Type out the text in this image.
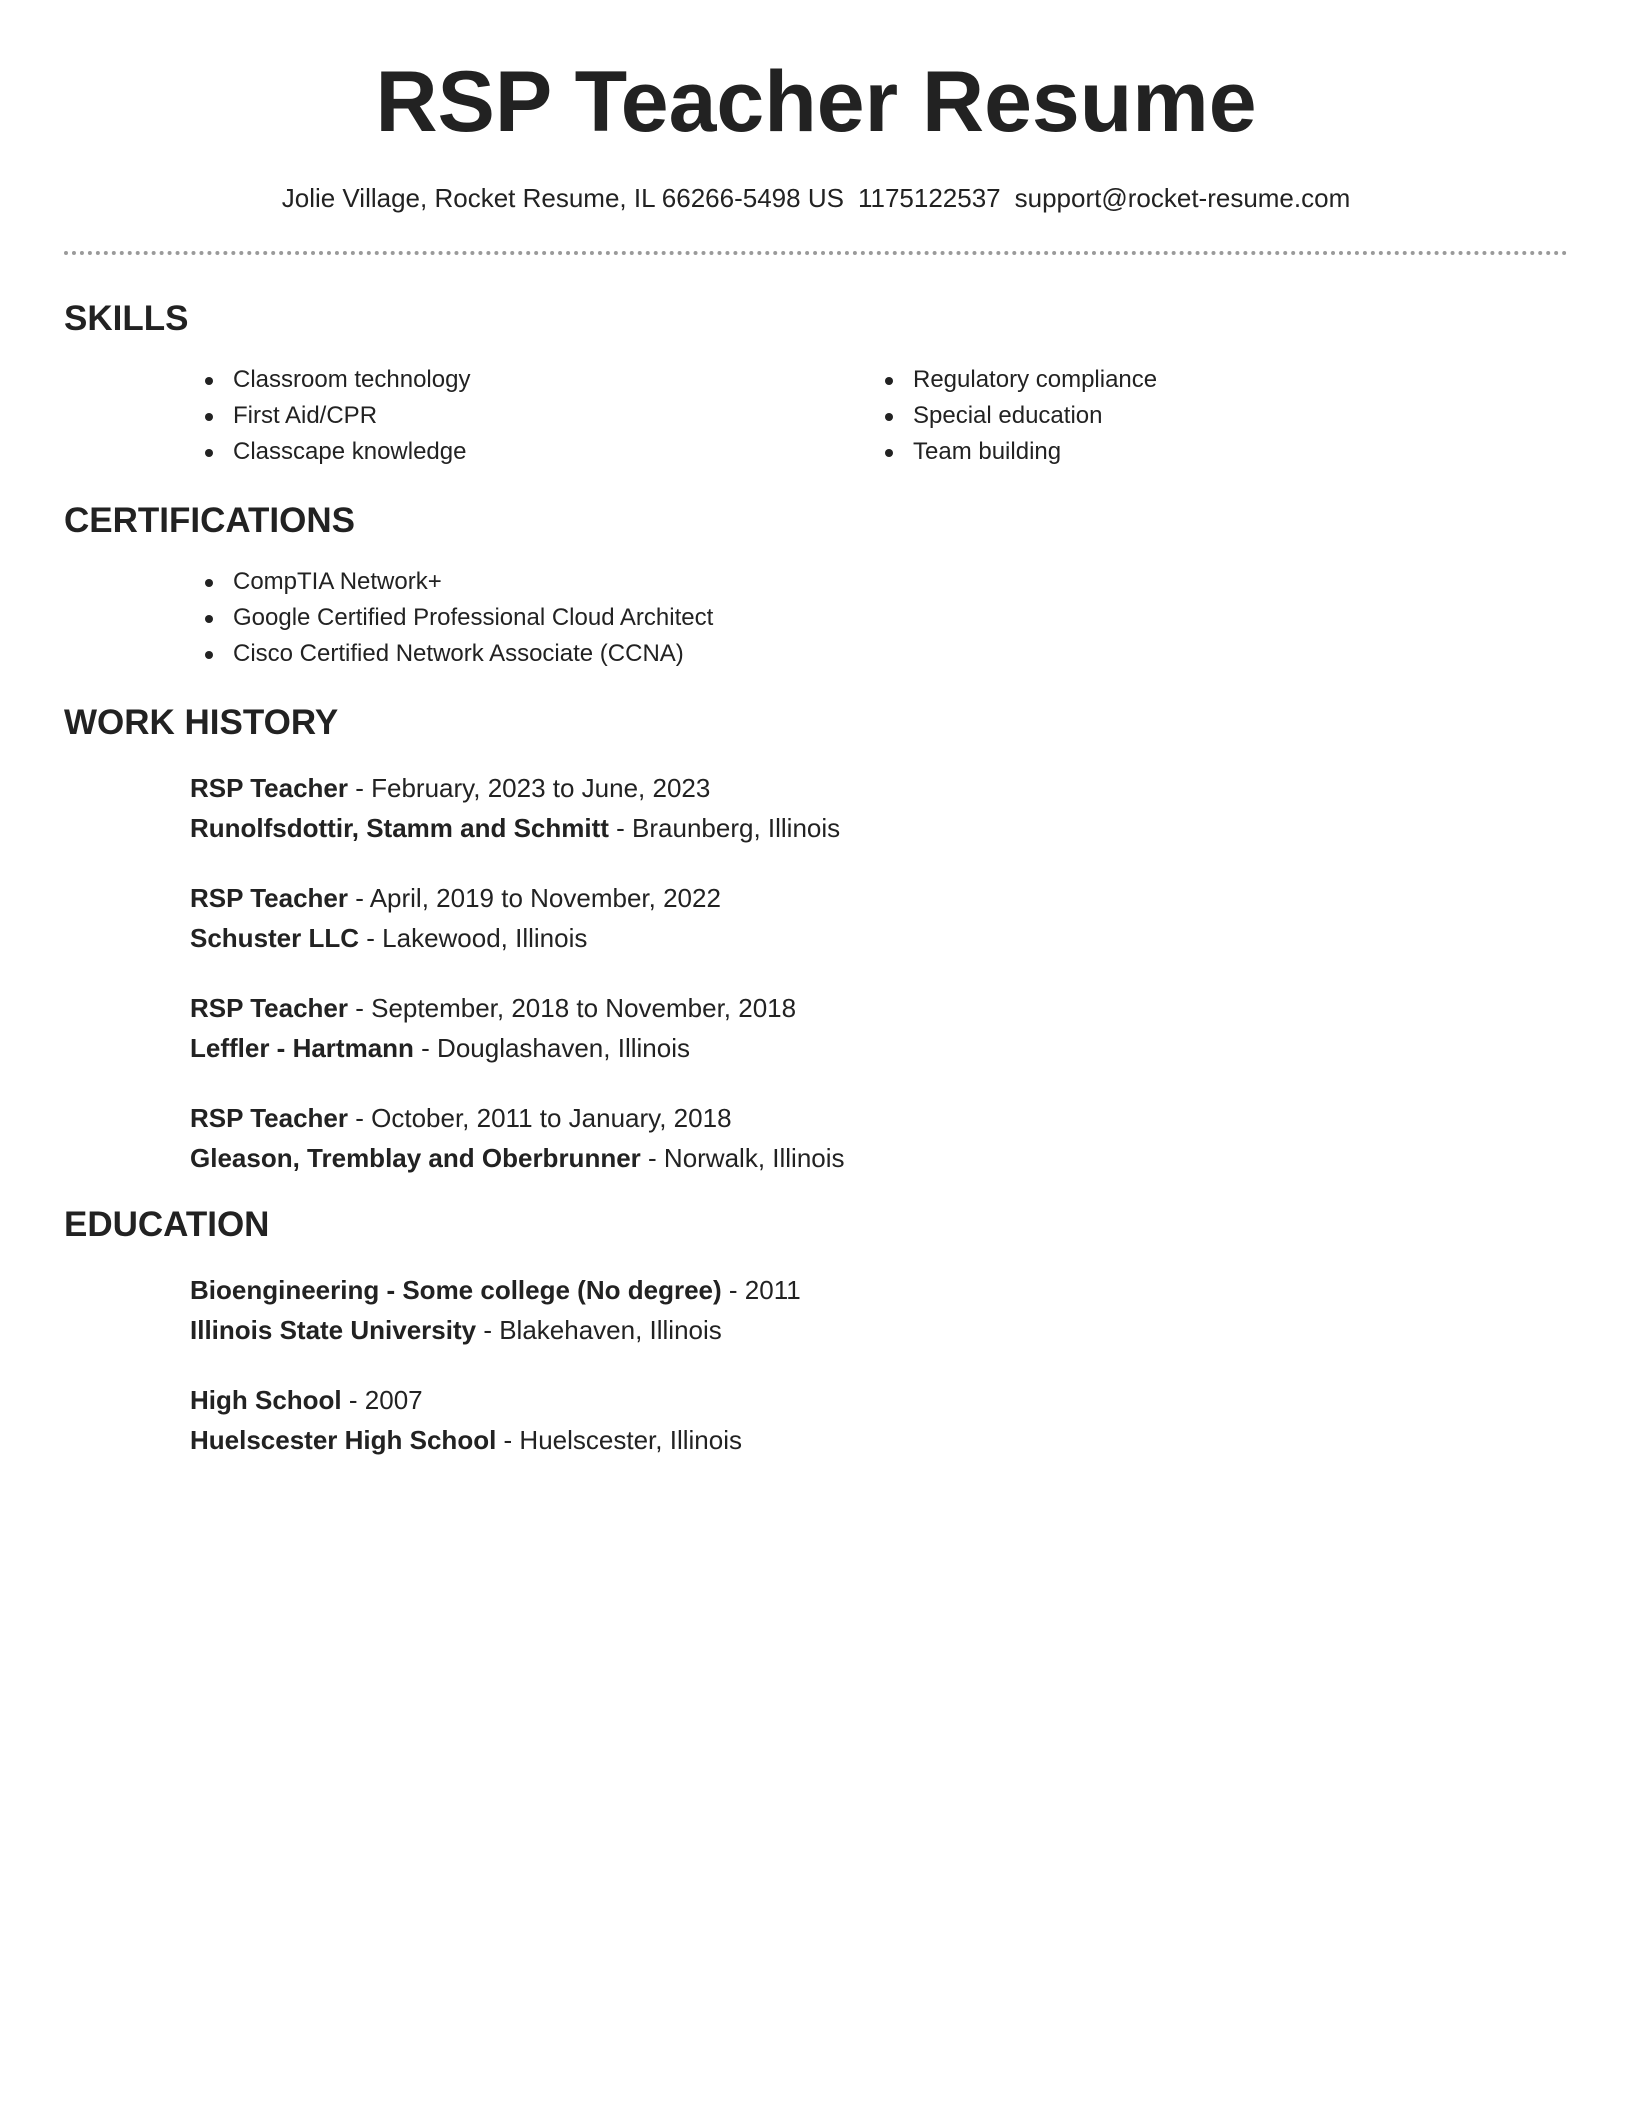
RSP Teacher Resume
Jolie Village, Rocket Resume, IL 66266-5498 US 1175122537 support@rocket-resume.com
SKILLS
Classroom technology
First Aid/CPR
Classcape knowledge
Regulatory compliance
Special education
Team building
CERTIFICATIONS
CompTIA Network+
Google Certified Professional Cloud Architect
Cisco Certified Network Associate (CCNA)
WORK HISTORY
RSP Teacher - February, 2023 to June, 2023
Runolfsdottir, Stamm and Schmitt - Braunberg, Illinois
RSP Teacher - April, 2019 to November, 2022
Schuster LLC - Lakewood, Illinois
RSP Teacher - September, 2018 to November, 2018
Leffler - Hartmann - Douglashaven, Illinois
RSP Teacher - October, 2011 to January, 2018
Gleason, Tremblay and Oberbrunner - Norwalk, Illinois
EDUCATION
Bioengineering - Some college (No degree) - 2011
Illinois State University - Blakehaven, Illinois
High School - 2007
Huelscester High School - Huelscester, Illinois
